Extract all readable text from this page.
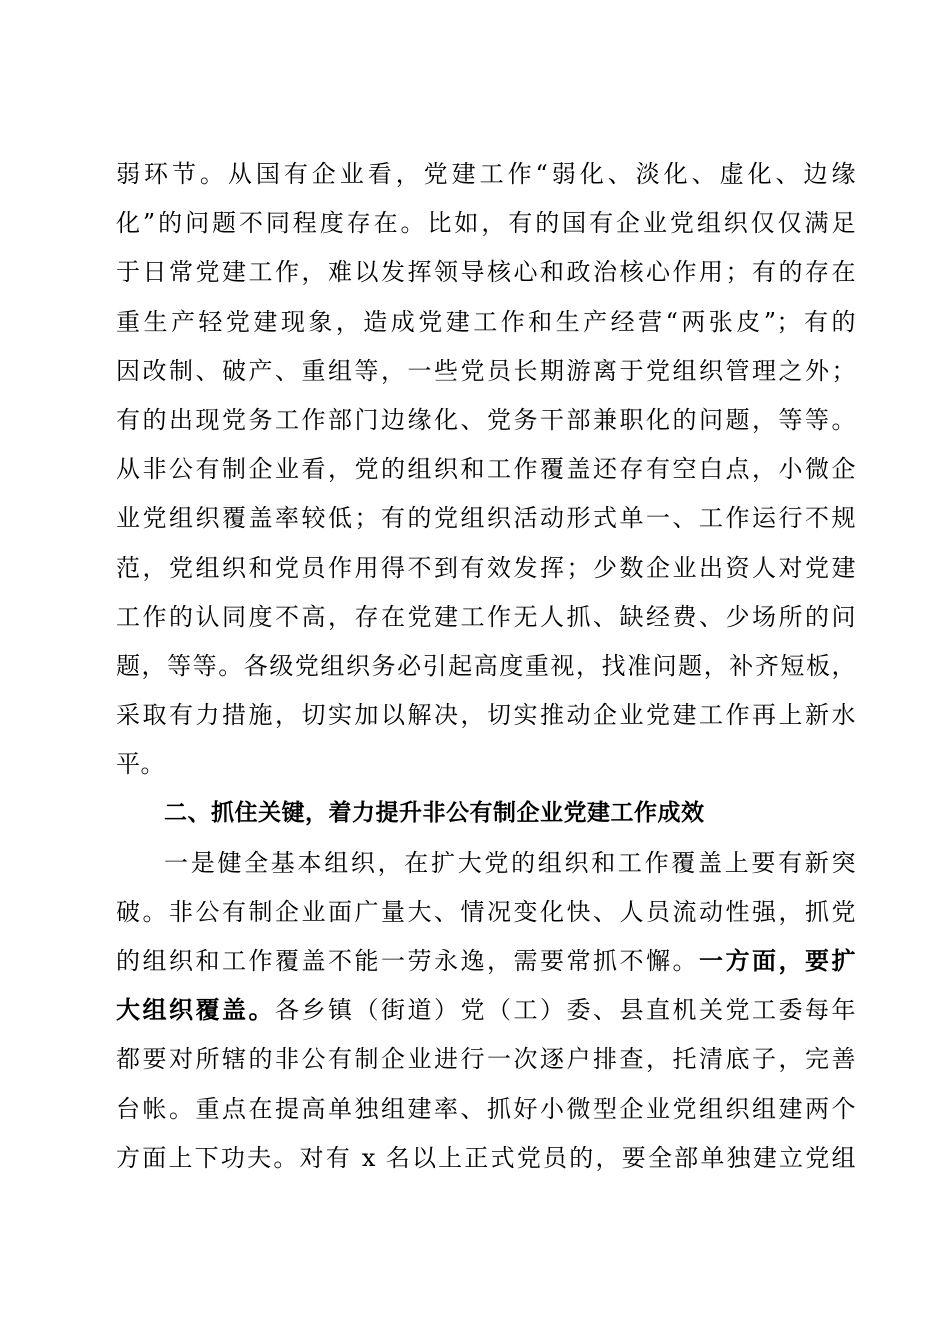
弱环节。从国有企业看，党建工作“弱化、淡化、虚化、边缘
化”的问题不同程度存在。比如，有的国有企业党组织仅仅满足
于日常党建工作，难以发挥领导核心和政治核心作用；有的存在
重生产轻党建现象，造成党建工作和生产经营“两张皮”；有的
因改制、破产、重组等，一些党员长期游离于党组织管理之外；
有的出现党务工作部门边缘化、党务干部兼职化的问题，等等。
从非公有制企业看，党的组织和工作覆盖还存有空白点，小微企
业党组织覆盖率较低；有的党组织活动形式单一、工作运行不规
范，党组织和党员作用得不到有效发挥；少数企业出资人对党建
工作的认同度不高，存在党建工作无人抓、缺经费、少场所的问
题，等等。各级党组织务必引起高度重视，找准问题，补齐短板，
采取有力措施，切实加以解决，切实推动企业党建工作再上新水
平。
二、抓住关键，着力提升非公有制企业党建工作成效
一是健全基本组织，在扩大党的组织和工作覆盖上要有新突
破。非公有制企业面广量大、情况变化快、人员流动性强，抓党
的组织和工作覆盖不能一劳永逸，需要常抓不懈。一方面，要扩
大组织覆盖。各乡镇（街道）党（工）委、县直机关党工委每年
都要对所辖的非公有制企业进行一次逐户排查，托清底子，完善
台帐。重点在提高单独组建率、抓好小微型企业党组织组建两个
方面上下功夫。对有 x 名以上正式党员的，要全部单独建立党组
